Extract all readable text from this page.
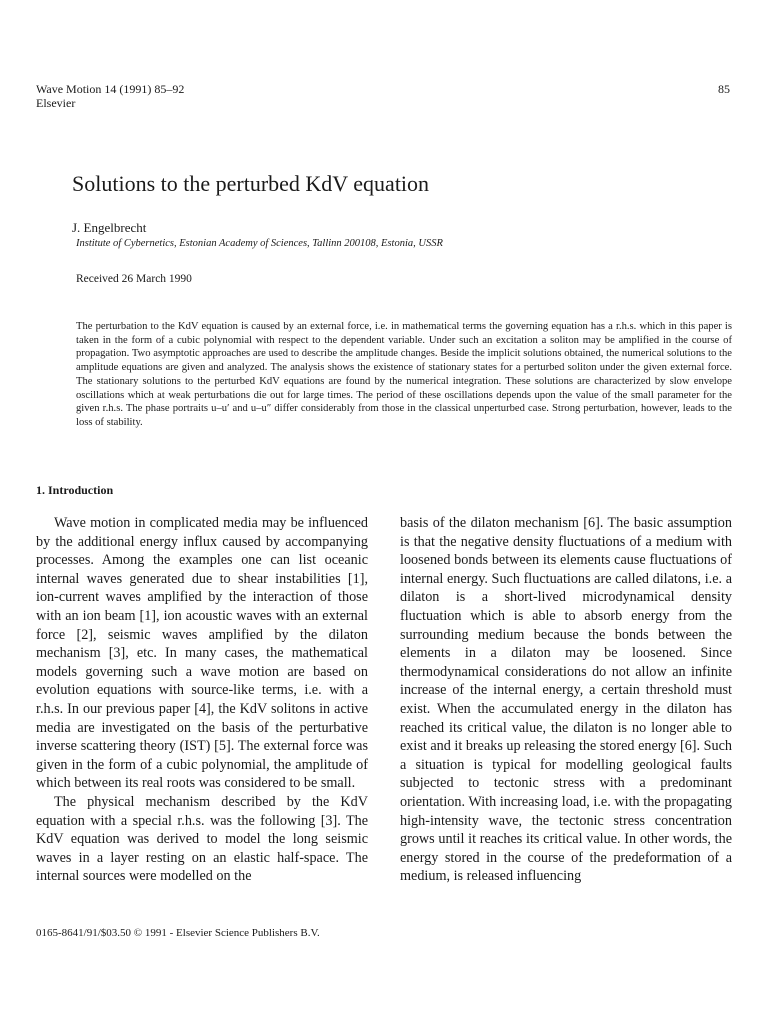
Wave Motion 14 (1991) 85–92
Elsevier
85
Solutions to the perturbed KdV equation
J. Engelbrecht
Institute of Cybernetics, Estonian Academy of Sciences, Tallinn 200108, Estonia, USSR
Received 26 March 1990
The perturbation to the KdV equation is caused by an external force, i.e. in mathematical terms the governing equation has a r.h.s. which in this paper is taken in the form of a cubic polynomial with respect to the dependent variable. Under such an excitation a soliton may be amplified in the course of propagation. Two asymptotic approaches are used to describe the amplitude changes. Beside the implicit solutions obtained, the numerical solutions to the amplitude equations are given and analyzed. The analysis shows the existence of stationary states for a perturbed soliton under the given external force. The stationary solutions to the perturbed KdV equations are found by the numerical integration. These solutions are characterized by slow envelope oscillations which at weak perturbations die out for large times. The period of these oscillations depends upon the value of the small parameter for the given r.h.s. The phase portraits u–u′ and u–u″ differ considerably from those in the classical unperturbed case. Strong perturbation, however, leads to the loss of stability.
1. Introduction

Wave motion in complicated media may be influenced by the additional energy influx caused by accompanying processes. Among the examples one can list oceanic internal waves generated due to shear instabilities [1], ion-current waves amplified by the interaction of those with an ion beam [1], ion acoustic waves with an external force [2], seismic waves amplified by the dilaton mechanism [3], etc. In many cases, the mathematical models governing such a wave motion are based on evolution equations with source-like terms, i.e. with a r.h.s. In our previous paper [4], the KdV solitons in active media are investigated on the basis of the perturbative inverse scattering theory (IST) [5]. The external force was given in the form of a cubic polynomial, the amplitude of which between its real roots was considered to be small.

The physical mechanism described by the KdV equation with a special r.h.s. was the following [3]. The KdV equation was derived to model the long seismic waves in a layer resting on an elastic half-space. The internal sources were modelled on the

basis of the dilaton mechanism [6]. The basic assumption is that the negative density fluctuations of a medium with loosened bonds between its elements cause fluctuations of internal energy. Such fluctuations are called dilatons, i.e. a dilaton is a short-lived microdynamical density fluctuation which is able to absorb energy from the surrounding medium because the bonds between the elements in a dilaton may be loosened. Since thermodynamical considerations do not allow an infinite increase of the internal energy, a certain threshold must exist. When the accumulated energy in the dilaton has reached its critical value, the dilaton is no longer able to exist and it breaks up releasing the stored energy [6]. Such a situation is typical for modelling geological faults subjected to tectonic stress with a predominant orientation. With increasing load, i.e. with the propagating high-intensity wave, the tectonic stress concentration grows until it reaches its critical value. In other words, the energy stored in the course of the predeformation of a medium, is released influencing

0165-8641/91/$03.50 © 1991 - Elsevier Science Publishers B.V.
